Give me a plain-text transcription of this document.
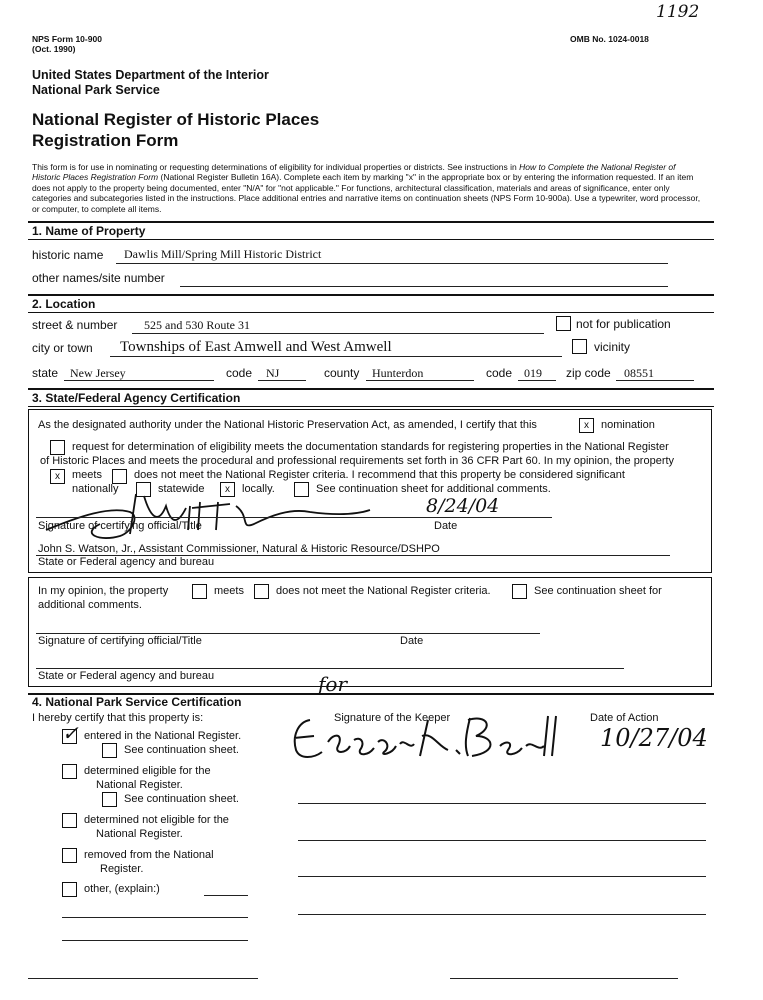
1192
NPS Form 10-900
(Oct. 1990)
OMB No. 1024-0018
United States Department of the Interior
National Park Service
National Register of Historic Places
Registration Form
This form is for use in nominating or requesting determinations of eligibility for individual properties or districts. See instructions in How to Complete the National Register of Historic Places Registration Form (National Register Bulletin 16A). Complete each item by marking "x" in the appropriate box or by entering the information requested. If an item does not apply to the property being documented, enter "N/A" for "not applicable." For functions, architectural classification, materials and areas of significance, enter only categories and subcategories listed in the instructions. Place additional entries and narrative items on continuation sheets (NPS Form 10-900a). Use a typewriter, word processor, or computer, to complete all items.
1. Name of Property
historic name Dawlis Mill/Spring Mill Historic District
other names/site number
2. Location
street & number 525 and 530 Route 31	not for publication
city or town Townships of East Amwell and West Amwell	vicinity
state New Jersey	code NJ	county Hunterdon	code 019 zip code 08551
3. State/Federal Agency Certification
As the designated authority under the National Historic Preservation Act, as amended, I certify that this	x	nomination
request for determination of eligibility meets the documentation standards for registering properties in the National Register
of Historic Places and meets the procedural and professional requirements set forth in 36 CFR Part 60. In my opinion, the property
x	meets	does not meet the National Register criteria. I recommend that this property be considered significant
nationally	statewide	x	locally.	See continuation sheet for additional comments.
8/24/04
Signature of certifying official/Title	Date
John S. Watson, Jr., Assistant Commissioner, Natural & Historic Resource/DSHPO
State or Federal agency and bureau
In my opinion, the property	meets	does not meet the National Register criteria.	See continuation sheet for
additional comments.
Signature of certifying official/Title	Date
State or Federal agency and bureau
4. National Park Service Certification
I hereby certify that this property is:	Signature of the Keeper	Date of Action
for
10/27/04
✓ entered in the National Register.
See continuation sheet.
determined eligible for the
National Register.
See continuation sheet.
determined not eligible for the
National Register.
removed from the National
Register.
other, (explain:)
